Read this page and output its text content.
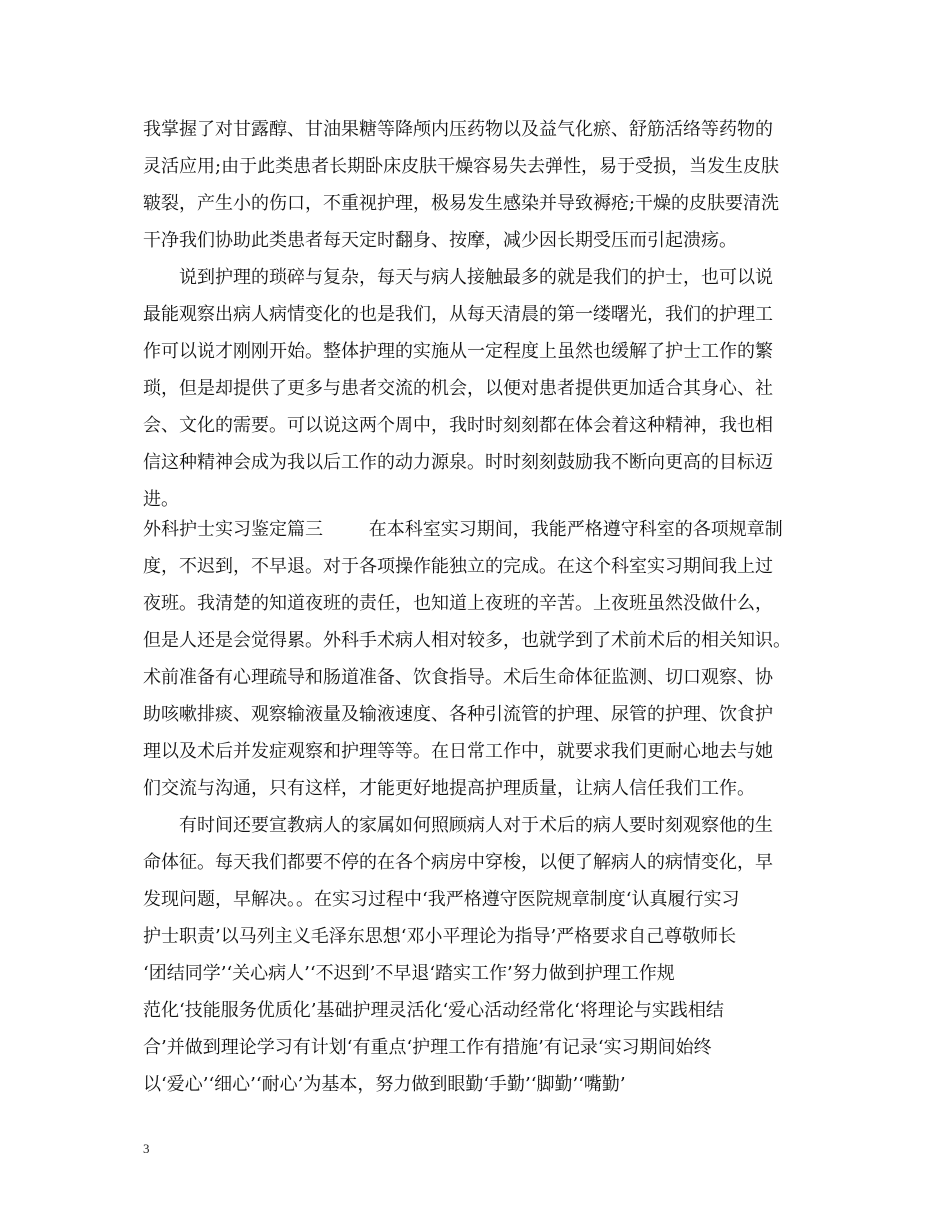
我掌握了对甘露醇、甘油果糖等降颅内压药物以及益气化瘀、舒筋活络等药物的
灵活应用;由于此类患者长期卧床皮肤干燥容易失去弹性，易于受损，当发生皮肤
皲裂，产生小的伤口，不重视护理，极易发生感染并导致褥疮;干燥的皮肤要清洗
干净我们协助此类患者每天定时翻身、按摩，减少因长期受压而引起溃疡。
说到护理的琐碎与复杂，每天与病人接触最多的就是我们的护士，也可以说
最能观察出病人病情变化的也是我们，从每天清晨的第一缕曙光，我们的护理工
作可以说才刚刚开始。整体护理的实施从一定程度上虽然也缓解了护士工作的繁
琐，但是却提供了更多与患者交流的机会，以便对患者提供更加适合其身心、社
会、文化的需要。可以说这两个周中，我时时刻刻都在体会着这种精神，我也相
信这种精神会成为我以后工作的动力源泉。时时刻刻鼓励我不断向更高的目标迈
进。
外科护士实习鉴定篇三        在本科室实习期间，我能严格遵守科室的各项规章制
度，不迟到，不早退。对于各项操作能独立的完成。在这个科室实习期间我上过
夜班。我清楚的知道夜班的责任，也知道上夜班的辛苦。上夜班虽然没做什么，
但是人还是会觉得累。外科手术病人相对较多，也就学到了术前术后的相关知识。
术前准备有心理疏导和肠道准备、饮食指导。术后生命体征监测、切口观察、协
助咳嗽排痰、观察输液量及输液速度、各种引流管的护理、尿管的护理、饮食护
理以及术后并发症观察和护理等等。在日常工作中，就要求我们更耐心地去与她
们交流与沟通，只有这样，才能更好地提高护理质量，让病人信任我们工作。
有时间还要宣教病人的家属如何照顾病人对于术后的病人要时刻观察他的生
命体征。每天我们都要不停的在各个病房中穿梭，以便了解病人的病情变化，早
发现问题，早解决。。在实习过程中‘我严格遵守医院规章制度‘认真履行实习
护士职责’以马列主义毛泽东思想‘邓小平理论为指导’严格要求自己尊敬师长
‘团结同学’‘关心病人’‘不迟到’不早退‘踏实工作’努力做到护理工作规
范化‘技能服务优质化’基础护理灵活化‘爱心活动经常化‘将理论与实践相结
合’并做到理论学习有计划‘有重点‘护理工作有措施’有记录‘实习期间始终
以‘爱心’‘细心’‘耐心’为基本，努力做到眼勤‘手勤’‘脚勤’‘嘴勤’
3
